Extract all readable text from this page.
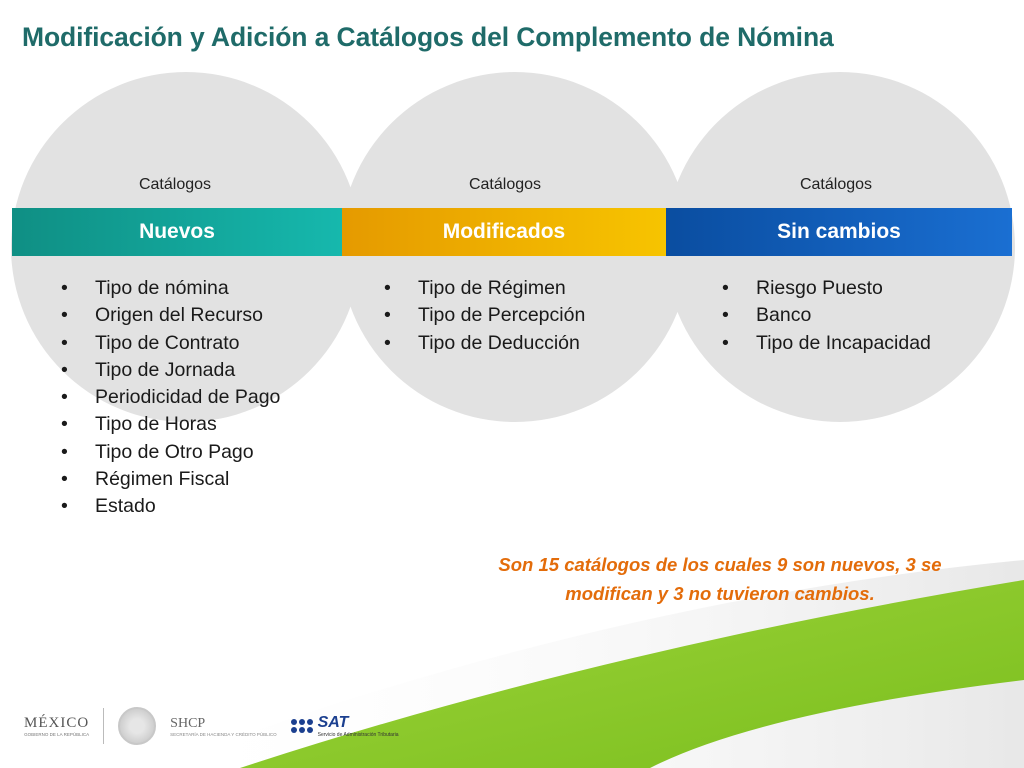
Modificación y Adición a Catálogos del Complemento de Nómina
Catálogos	Catálogos	Catálogos
Nuevos	Modificados	Sin cambios
• Tipo de nómina
• Origen del Recurso
• Tipo de Contrato
• Tipo de Jornada
• Periodicidad de Pago
• Tipo de Horas
• Tipo de Otro Pago
• Régimen Fiscal
• Estado
• Tipo de Régimen
• Tipo de Percepción
• Tipo de Deducción
• Riesgo Puesto
• Banco
• Tipo de Incapacidad
Son 15 catálogos de los cuales 9 son nuevos, 3 se modifican y 3 no tuvieron cambios.
MÉXICO
GOBIERNO DE LA REPÚBLICA
SHCP
SECRETARÍA DE HACIENDA Y CRÉDITO PÚBLICO
SAT
Servicio de Administración Tributaria
